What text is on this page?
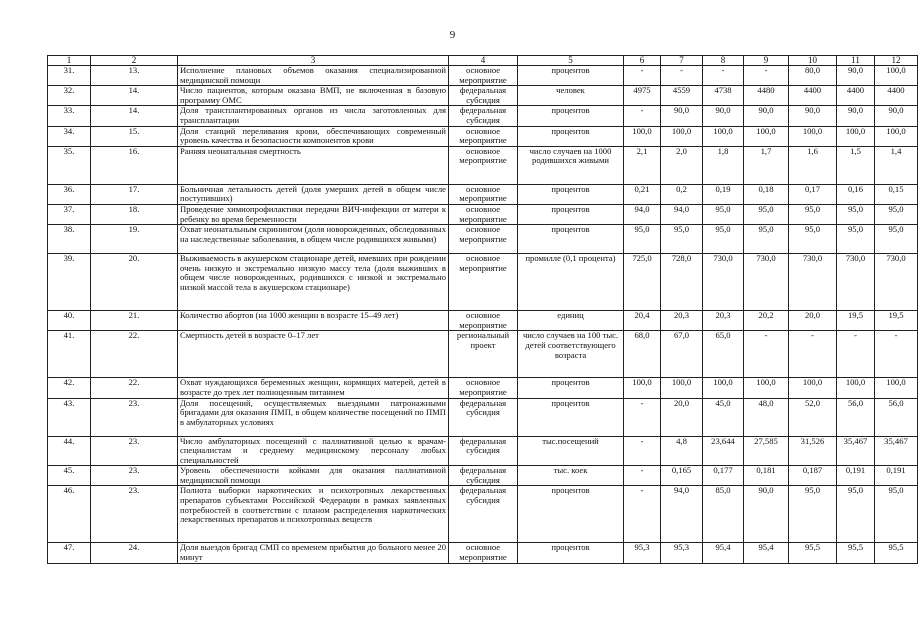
9
1	2	3	4	5	6	7	8	9	10	11	12
31.	13.	Исполнение плановых объемов оказания специализированной медицинской помощи	основное мероприятие	процентов	-	-	-	-	80,0	90,0	100,0
32.	14.	Число пациентов, которым оказана ВМП, не включенная в базовую программу ОМС	федеральная субсидия	человек	4975	4559	4738	4480	4400	4400	4400
33.	14.	Доля трансплантированных органов из числа заготовленных для трансплантации	федеральная субсидия	процентов	-	90,0	90,0	90,0	90,0	90,0	90,0
34.	15.	Доля станций переливания крови, обеспечивающих современный уровень качества и безопасности компонентов крови	основное мероприятие	процентов	100,0	100,0	100,0	100,0	100,0	100,0	100,0
35.	16.	Ранняя неонатальная смертность	основное мероприятие	число случаев на 1000 родившихся живыми	2,1	2,0	1,8	1,7	1,6	1,5	1,4
36.	17.	Больничная летальность детей (доля умерших детей в общем числе поступивших)	основное мероприятие	процентов	0,21	0,2	0,19	0,18	0,17	0,16	0,15
37.	18.	Проведение химиопрофилактики передачи ВИЧ-инфекции от матери к ребенку во время беременности	основное мероприятие	процентов	94,0	94,0	95,0	95,0	95,0	95,0	95,0
38.	19.	Охват неонатальным скринингом (доля новорожденных, обследованных на наследственные заболевания, в общем числе родившихся живыми)	основное мероприятие	процентов	95,0	95,0	95,0	95,0	95,0	95,0	95,0
39.	20.	Выживаемость в акушерском стационаре детей, имевших при рождении очень низкую и экстремально низкую массу тела (доля выживших в общем числе новорожденных, родившихся с низкой и экстремально низкой массой тела в акушерском стационаре)	основное мероприятие	промилле (0,1 процента)	725,0	728,0	730,0	730,0	730,0	730,0	730,0
40.	21.	Количество абортов (на 1000 женщин в возрасте 15–49 лет)	основное мероприятие	единиц	20,4	20,3	20,3	20,2	20,0	19,5	19,5
41.	22.	Смертность детей в возрасте 0–17 лет	региональный проект	число случаев на 100 тыс. детей соответствующего возраста	68,0	67,0	65,0	-	-	-	-
42.	22.	Охват нуждающихся беременных женщин, кормящих матерей, детей в возрасте до трех лет полноценным питанием	основное мероприятие	процентов	100,0	100,0	100,0	100,0	100,0	100,0	100,0
43.	23.	Доля посещений, осуществляемых выездными патронажными бригадами для оказания ПМП, в общем количестве посещений по ПМП в амбулаторных условиях	федеральная субсидия	процентов	-	20,0	45,0	48,0	52,0	56,0	56,0
44.	23.	Число амбулаторных посещений с паллиативной целью к врачам-специалистам и среднему медицинскому персоналу любых специальностей	федеральная субсидия	тыс.посещений	-	4,8	23,644	27,585	31,526	35,467	35,467
45.	23.	Уровень обеспеченности койками для оказания паллиативной медицинской помощи	федеральная субсидия	тыс. коек	-	0,165	0,177	0,181	0,187	0,191	0,191
46.	23.	Полнота выборки наркотических и психотропных лекарственных препаратов субъектами Российской Федерации в рамках заявленных потребностей в соответствии с планом распределения наркотических лекарственных препаратов и психотропных веществ	федеральная субсидия	процентов	-	94,0	85,0	90,0	95,0	95,0	95,0
47.	24.	Доля выездов бригад СМП со временем прибытия до больного менее 20 минут	основное мероприятие	процентов	95,3	95,3	95,4	95,4	95,5	95,5	95,5
